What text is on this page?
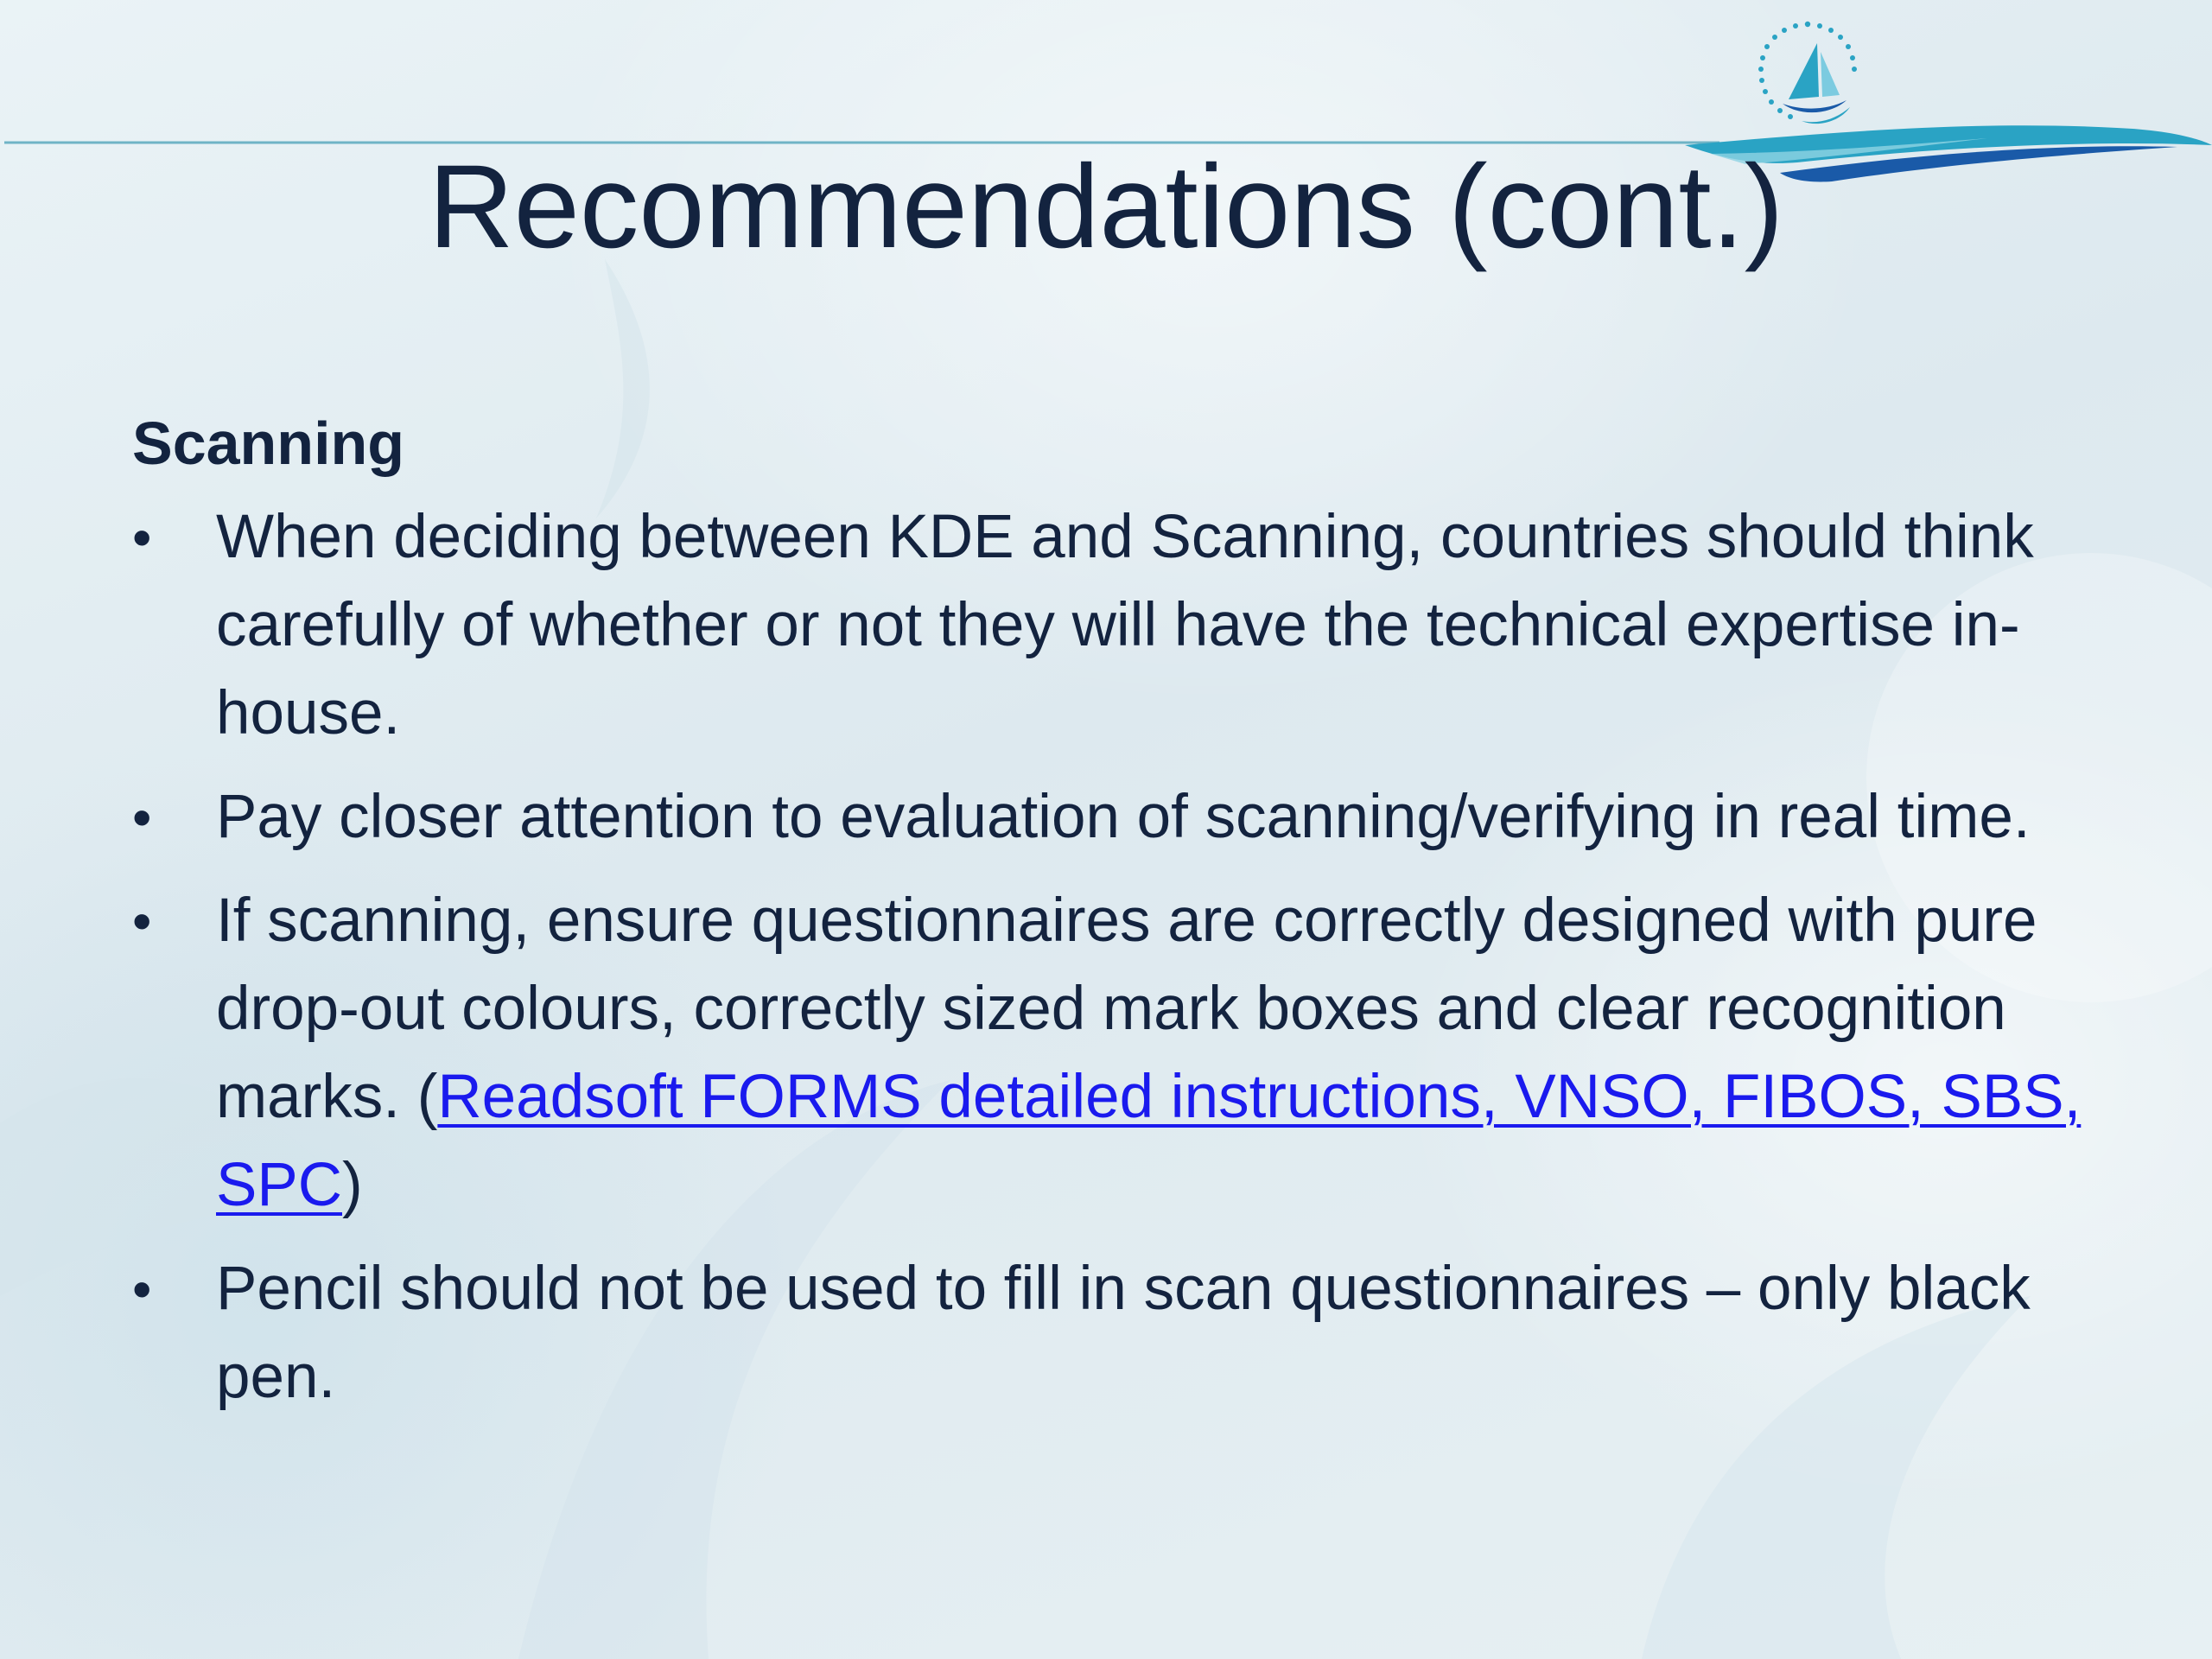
Recommendations (cont.)
Scanning
•	When deciding between KDE and Scanning, countries should think carefully of whether or not they will have the technical expertise in-house.
•	Pay closer attention to evaluation of scanning/verifying in real time.
•	If scanning, ensure questionnaires are correctly designed with pure drop-out colours, correctly sized mark boxes and clear recognition marks. (Readsoft FORMS detailed instructions, VNSO, FIBOS, SBS, SPC)
•	Pencil should not be used to fill in scan questionnaires – only black pen.
